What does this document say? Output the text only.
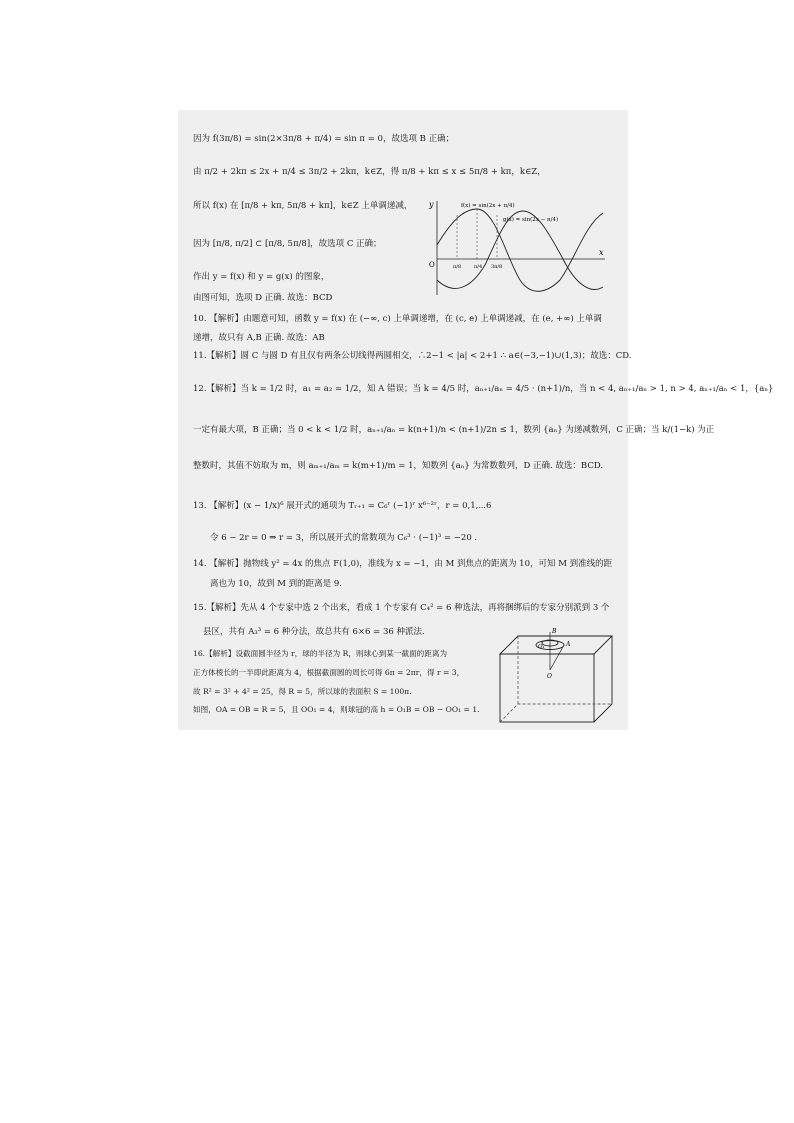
因为 f(3π/8) = sin(2×3π/8 + π/4) = sin π = 0，故选项 B 正确；
由 π/2 + 2kπ ≤ 2x + π/4 ≤ 3π/2 + 2kπ，k∈Z，得 π/8 + kπ ≤ x ≤ 5π/8 + kπ，k∈Z，
所以 f(x) 在 [π/8 + kπ, 5π/8 + kπ]，k∈Z 上单调递减，
因为 [π/8, π/2] ⊂ [π/8, 5π/8]，故选项 C 正确；
作出 y = f(x) 和 y = g(x) 的图象，
由图可知，选项 D 正确. 故选：BCD
10. 【解析】由题意可知，函数 y = f(x) 在 (−∞, c) 上单调递增，在 (c, e) 上单调递减，在 (e, +∞) 上单调
递增，故只有 A,B 正确. 故选：AB
11.【解析】圆 C 与圆 D 有且仅有两条公切线得两圆相交，∴2−1 < |a| < 2+1 ∴ a∈(−3,−1)∪(1,3)；故选：CD.
12.【解析】当 k = 1/2 时，a₁ = a₂ = 1/2，知 A 错误；当 k = 4/5 时，aₙ₊₁/aₙ = 4/5 · (n+1)/n，当 n < 4, aₙ₊₁/aₙ > 1, n > 4, aₙ₊₁/aₙ < 1，{aₙ}
一定有最大项，B 正确；当 0 < k < 1/2 时，aₙ₊₁/aₙ = k(n+1)/n < (n+1)/2n ≤ 1，数列 {aₙ} 为递减数列，C 正确；当 k/(1−k) 为正
整数时，其值不妨取为 m，则 aₘ₊₁/aₘ = k(m+1)/m = 1，知数列 {aₙ} 为常数数列，D 正确. 故选：BCD.
13. 【解析】(x − 1/x)⁶ 展开式的通项为 Tᵣ₊₁ = C₆ʳ (−1)ʳ x⁶⁻²ʳ，r = 0,1,⋯6
令 6 − 2r = 0 ⇒ r = 3，所以展开式的常数项为 C₆³ · (−1)³ = −20 .
14. 【解析】抛物线 y² = 4x 的焦点 F(1,0)，准线为 x = −1，由 M 到焦点的距离为 10，可知 M 到准线的距
离也为 10，故到 M 到的距离是 9.
15.【解析】先从 4 个专家中选 2 个出来，看成 1 个专家有 C₄² = 6 种选法，再将捆绑后的专家分别派到 3 个
县区，共有 A₃³ = 6 种分法，故总共有 6×6 = 36 种派法.
16.【解析】设截面圆半径为 r，球的半径为 R，则球心到某一截面的距离为
正方体棱长的一半即此距离为 4，根据截面圆的周长可得 6π = 2πr，得 r = 3，
故 R² = 3² + 4² = 25，得 R = 5，所以球的表面积 S = 100π.
如图，OA = OB = R = 5，且 OO₁ = 4，则球冠的高 h = O₁B = OB − OO₁ = 1.
y
x
O
f(x) = sin(2x + π/4)
g(x) = sin(2x − π/4)
π/8	π/4 3π/8
B
O₁	A
O
